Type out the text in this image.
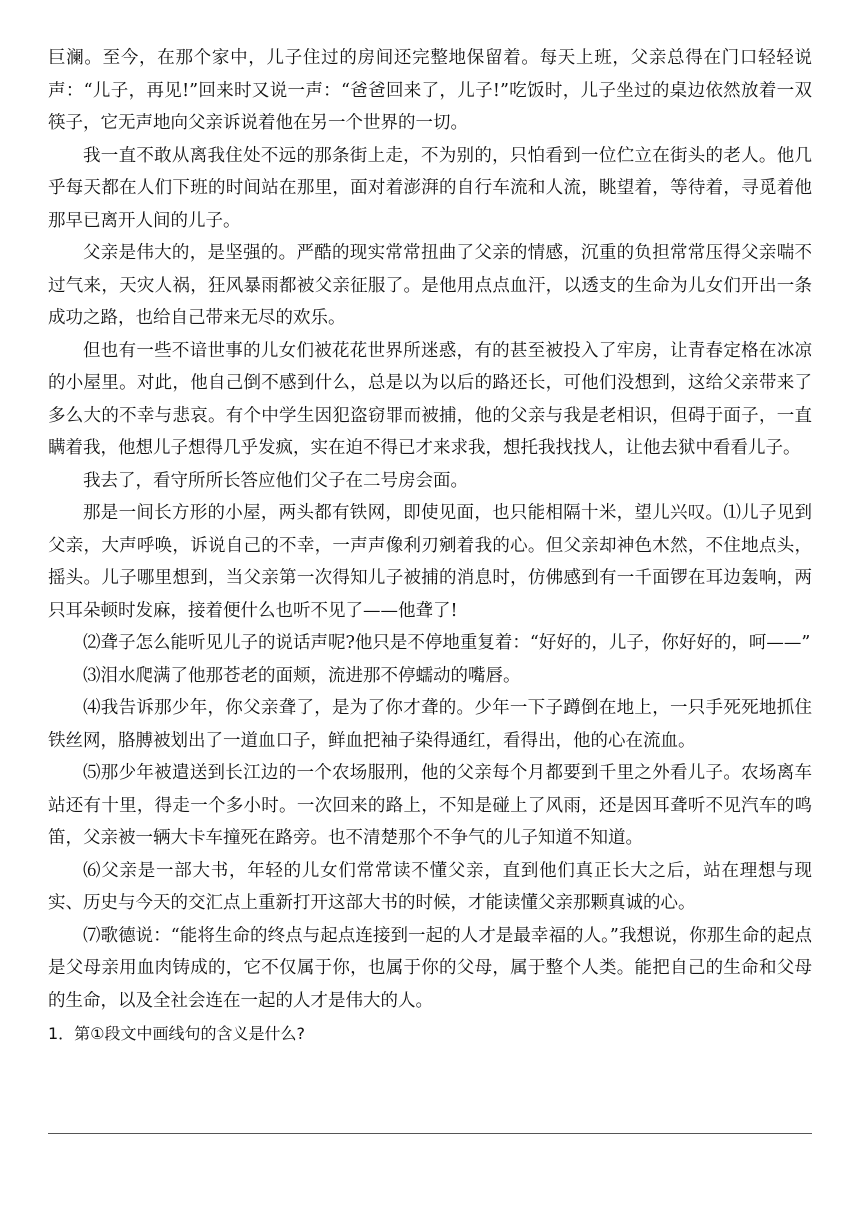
巨澜。至今，在那个家中，儿子住过的房间还完整地保留着。每天上班，父亲总得在门口轻轻说声：“儿子，再见!”回来时又说一声：“爸爸回来了，儿子!”吃饭时，儿子坐过的桌边依然放着一双筷子，它无声地向父亲诉说着他在另一个世界的一切。

我一直不敢从离我住处不远的那条街上走，不为别的，只怕看到一位伫立在街头的老人。他几乎每天都在人们下班的时间站在那里，面对着澎湃的自行车流和人流，眺望着，等待着，寻觅着他那早已离开人间的儿子。

父亲是伟大的，是坚强的。严酷的现实常常扭曲了父亲的情感，沉重的负担常常压得父亲喘不过气来，天灾人祸，狂风暴雨都被父亲征服了。是他用点点血汗，以透支的生命为儿女们开出一条成功之路，也给自己带来无尽的欢乐。

但也有一些不谙世事的儿女们被花花世界所迷惑，有的甚至被投入了牢房，让青春定格在冰凉的小屋里。对此，他自己倒不感到什么，总是以为以后的路还长，可他们没想到，这给父亲带来了多么大的不幸与悲哀。有个中学生因犯盗窃罪而被捕，他的父亲与我是老相识，但碍于面子，一直瞒着我，他想儿子想得几乎发疯，实在迫不得已才来求我，想托我找找人，让他去狱中看看儿子。

我去了，看守所所长答应他们父子在二号房会面。

那是一间长方形的小屋，两头都有铁网，即使见面，也只能相隔十米，望儿兴叹。⑴儿子见到父亲，大声呼唤，诉说自己的不幸，一声声像利刃剜着我的心。但父亲却神色木然，不住地点头，摇头。儿子哪里想到，当父亲第一次得知儿子被捕的消息时，仿佛感到有一千面锣在耳边轰响，两只耳朵顿时发麻，接着便什么也听不见了——他聋了!

⑵聋子怎么能听见儿子的说话声呢?他只是不停地重复着：“好好的，儿子，你好好的，呵——”

⑶泪水爬满了他那苍老的面颊，流进那不停蠕动的嘴唇。

⑷我告诉那少年，你父亲聋了，是为了你才聋的。少年一下子蹲倒在地上，一只手死死地抓住铁丝网，胳膊被划出了一道血口子，鲜血把袖子染得通红，看得出，他的心在流血。

⑸那少年被遣送到长江边的一个农场服刑，他的父亲每个月都要到千里之外看儿子。农场离车站还有十里，得走一个多小时。一次回来的路上，不知是碰上了风雨，还是因耳聋听不见汽车的鸣笛，父亲被一辆大卡车撞死在路旁。也不清楚那个不争气的儿子知道不知道。

⑹父亲是一部大书，年轻的儿女们常常读不懂父亲，直到他们真正长大之后，站在理想与现实、历史与今天的交汇点上重新打开这部大书的时候，才能读懂父亲那颗真诚的心。

⑺歌德说：“能将生命的终点与起点连接到一起的人才是最幸福的人。”我想说，你那生命的起点是父母亲用血肉铸成的，它不仅属于你，也属于你的父母，属于整个人类。能把自己的生命和父母的生命，以及全社会连在一起的人才是伟大的人。

1．第①段文中画线句的含义是什么?
